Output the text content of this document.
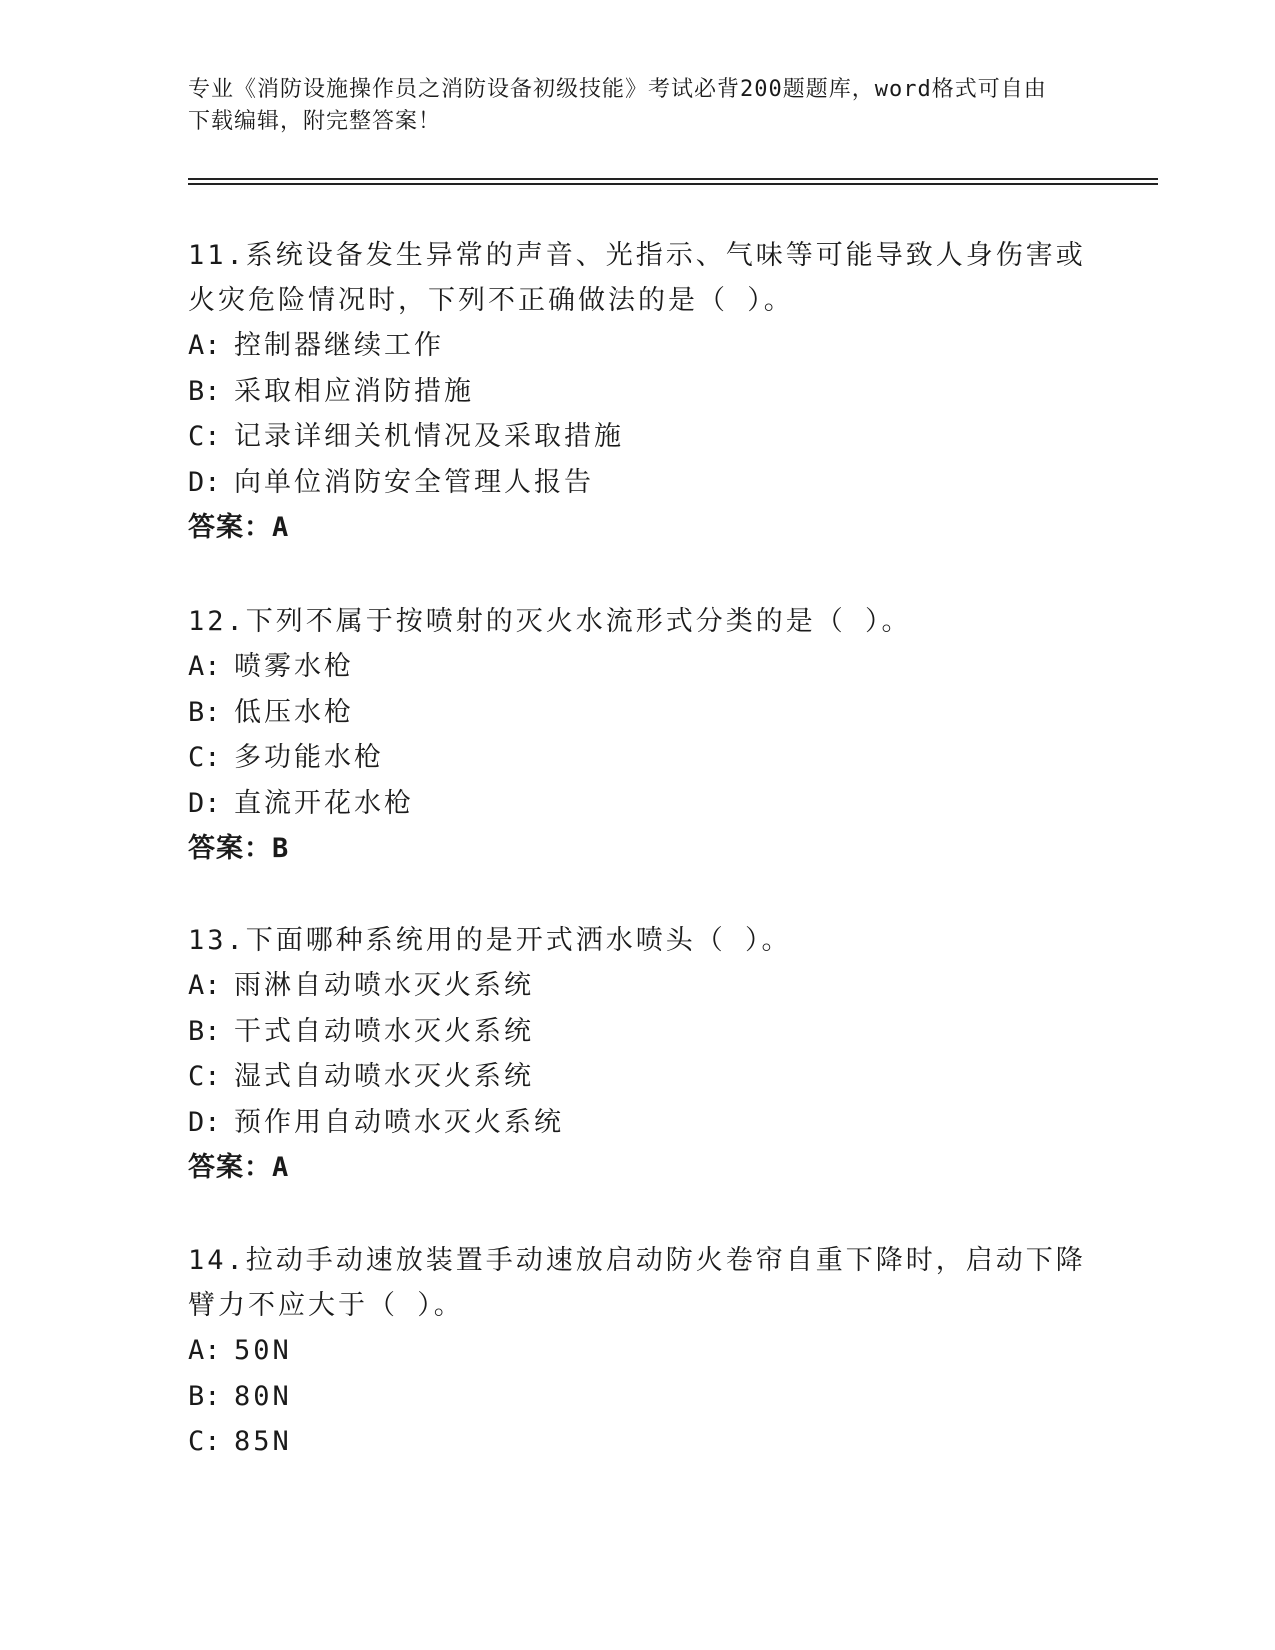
专业《消防设施操作员之消防设备初级技能》考试必背200题题库，word格式可自由下载编辑，附完整答案！

11.系统设备发生异常的声音、光指示、气味等可能导致人身伤害或火灾危险情况时，下列不正确做法的是（ ）。

A: 控制器继续工作

B: 采取相应消防措施

C: 记录详细关机情况及采取措施

D: 向单位消防安全管理人报告

答案：A

12.下列不属于按喷射的灭火水流形式分类的是（ ）。

A: 喷雾水枪

B: 低压水枪

C: 多功能水枪

D: 直流开花水枪

答案：B

13.下面哪种系统用的是开式洒水喷头（ ）。

A: 雨淋自动喷水灭火系统

B: 干式自动喷水灭火系统

C: 湿式自动喷水灭火系统

D: 预作用自动喷水灭火系统

答案：A

14.拉动手动速放装置手动速放启动防火卷帘自重下降时，启动下降臂力不应大于（ ）。

A: 50N

B: 80N

C: 85N
